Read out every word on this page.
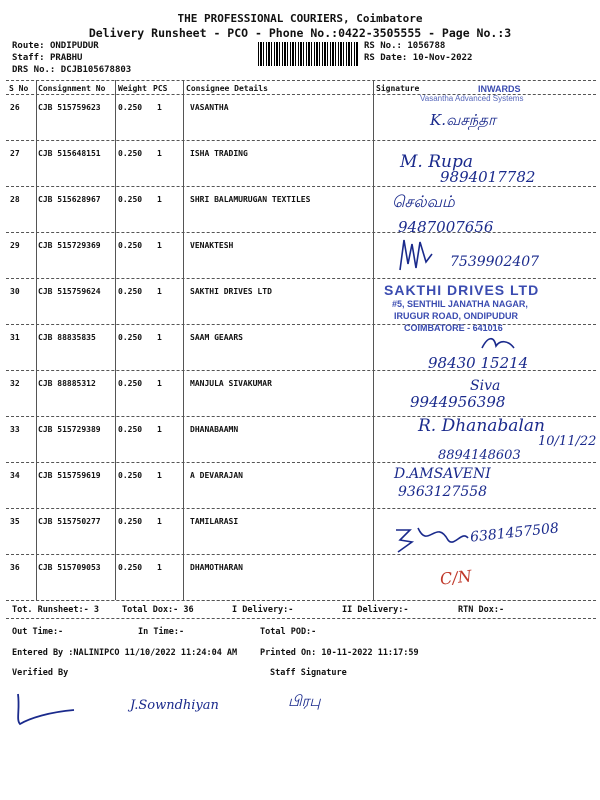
THE PROFESSIONAL COURIERS, Coimbatore
Delivery Runsheet - PCO - Phone No.:0422-3505555 - Page No.:3
Route: ONDIPUDUR
Staff: PRABHU
DRS No.: DCJB105678803
RS No.: 1056788
RS Date: 10-Nov-2022
S No Consignment No Weight PCS Consignee Details	Signature
26 CJB 515759623 0.250 1	VASANTHA
27 CJB 515648151 0.250 1	ISHA TRADING
28 CJB 515628967 0.250 1	SHRI BALAMURUGAN TEXTILES
29 CJB 515729369 0.250 1	VENAKTESH
30 CJB 515759624 0.250 1	SAKTHI DRIVES LTD
31 CJB 88835835	0.250 1	SAAM GEAARS
32 CJB 88885312	0.250 1	MANJULA SIVAKUMAR
33 CJB 515729389 0.250 1	DHANABAAMN
34 CJB 515759619 0.250 1	A DEVARAJAN
35 CJB 515750277 0.250 1	TAMILARASI
36 CJB 515709053 0.250 1	DHAMOTHARAN
INWARDS
Vasantha Advanced Systems
K.வசந்தா
M. Rupa
9894017782
செல்வம்
9487007656
7539902407
SAKTHI DRIVES LTD
#5, SENTHIL JANATHA NAGAR,
IRUGUR ROAD, ONDIPUDUR
COIMBATORE - 641016
98430 15214
Siva
9944956398
R. Dhanabalan
10/11/22
8894148603
D.AMSAVENI
9363127558
6381457508
C/N
Tot. Runsheet:- 3	Total Dox:- 36	I Delivery:-	II Delivery:-	RTN Dox:-
Out Time:-	In Time:-	Total POD:-
Entered By :NALINIPCO 11/10/2022 11:24:04 AM	Printed On: 10-11-2022 11:17:59
Verified By	Staff Signature
J.Sowndhiyan	பிரபு
